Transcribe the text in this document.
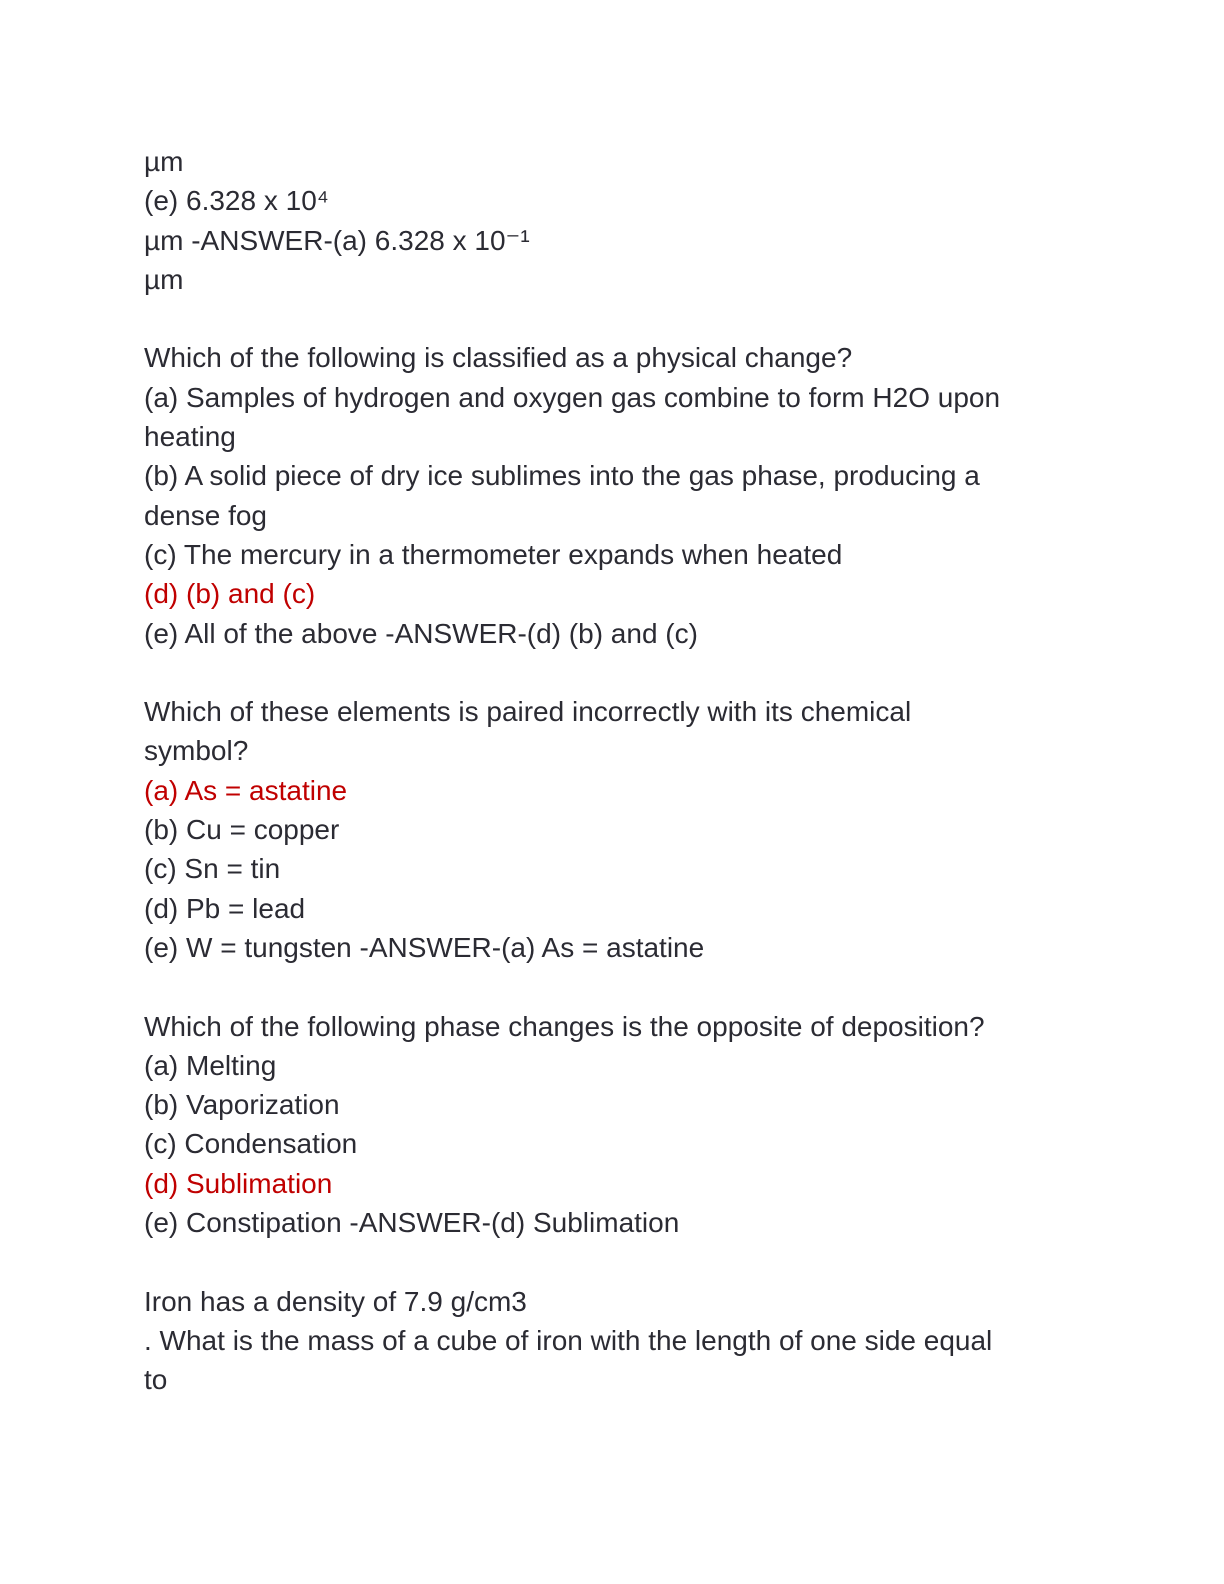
µm

(e) 6.328 x 10⁴

µm -ANSWER-(a) 6.328 x 10⁻¹

µm

Which of the following is classified as a physical change?

(a) Samples of hydrogen and oxygen gas combine to form H2O upon

heating

(b) A solid piece of dry ice sublimes into the gas phase, producing a

dense fog

(c) The mercury in a thermometer expands when heated

(d) (b) and (c)

(e) All of the above -ANSWER-(d) (b) and (c)

Which of these elements is paired incorrectly with its chemical

symbol?

(a) As = astatine

(b) Cu = copper

(c) Sn = tin

(d) Pb = lead

(e) W = tungsten -ANSWER-(a) As = astatine

Which of the following phase changes is the opposite of deposition?

(a) Melting

(b) Vaporization

(c) Condensation

(d) Sublimation

(e) Constipation -ANSWER-(d) Sublimation

Iron has a density of 7.9 g/cm3

. What is the mass of a cube of iron with the length of one side equal

to
